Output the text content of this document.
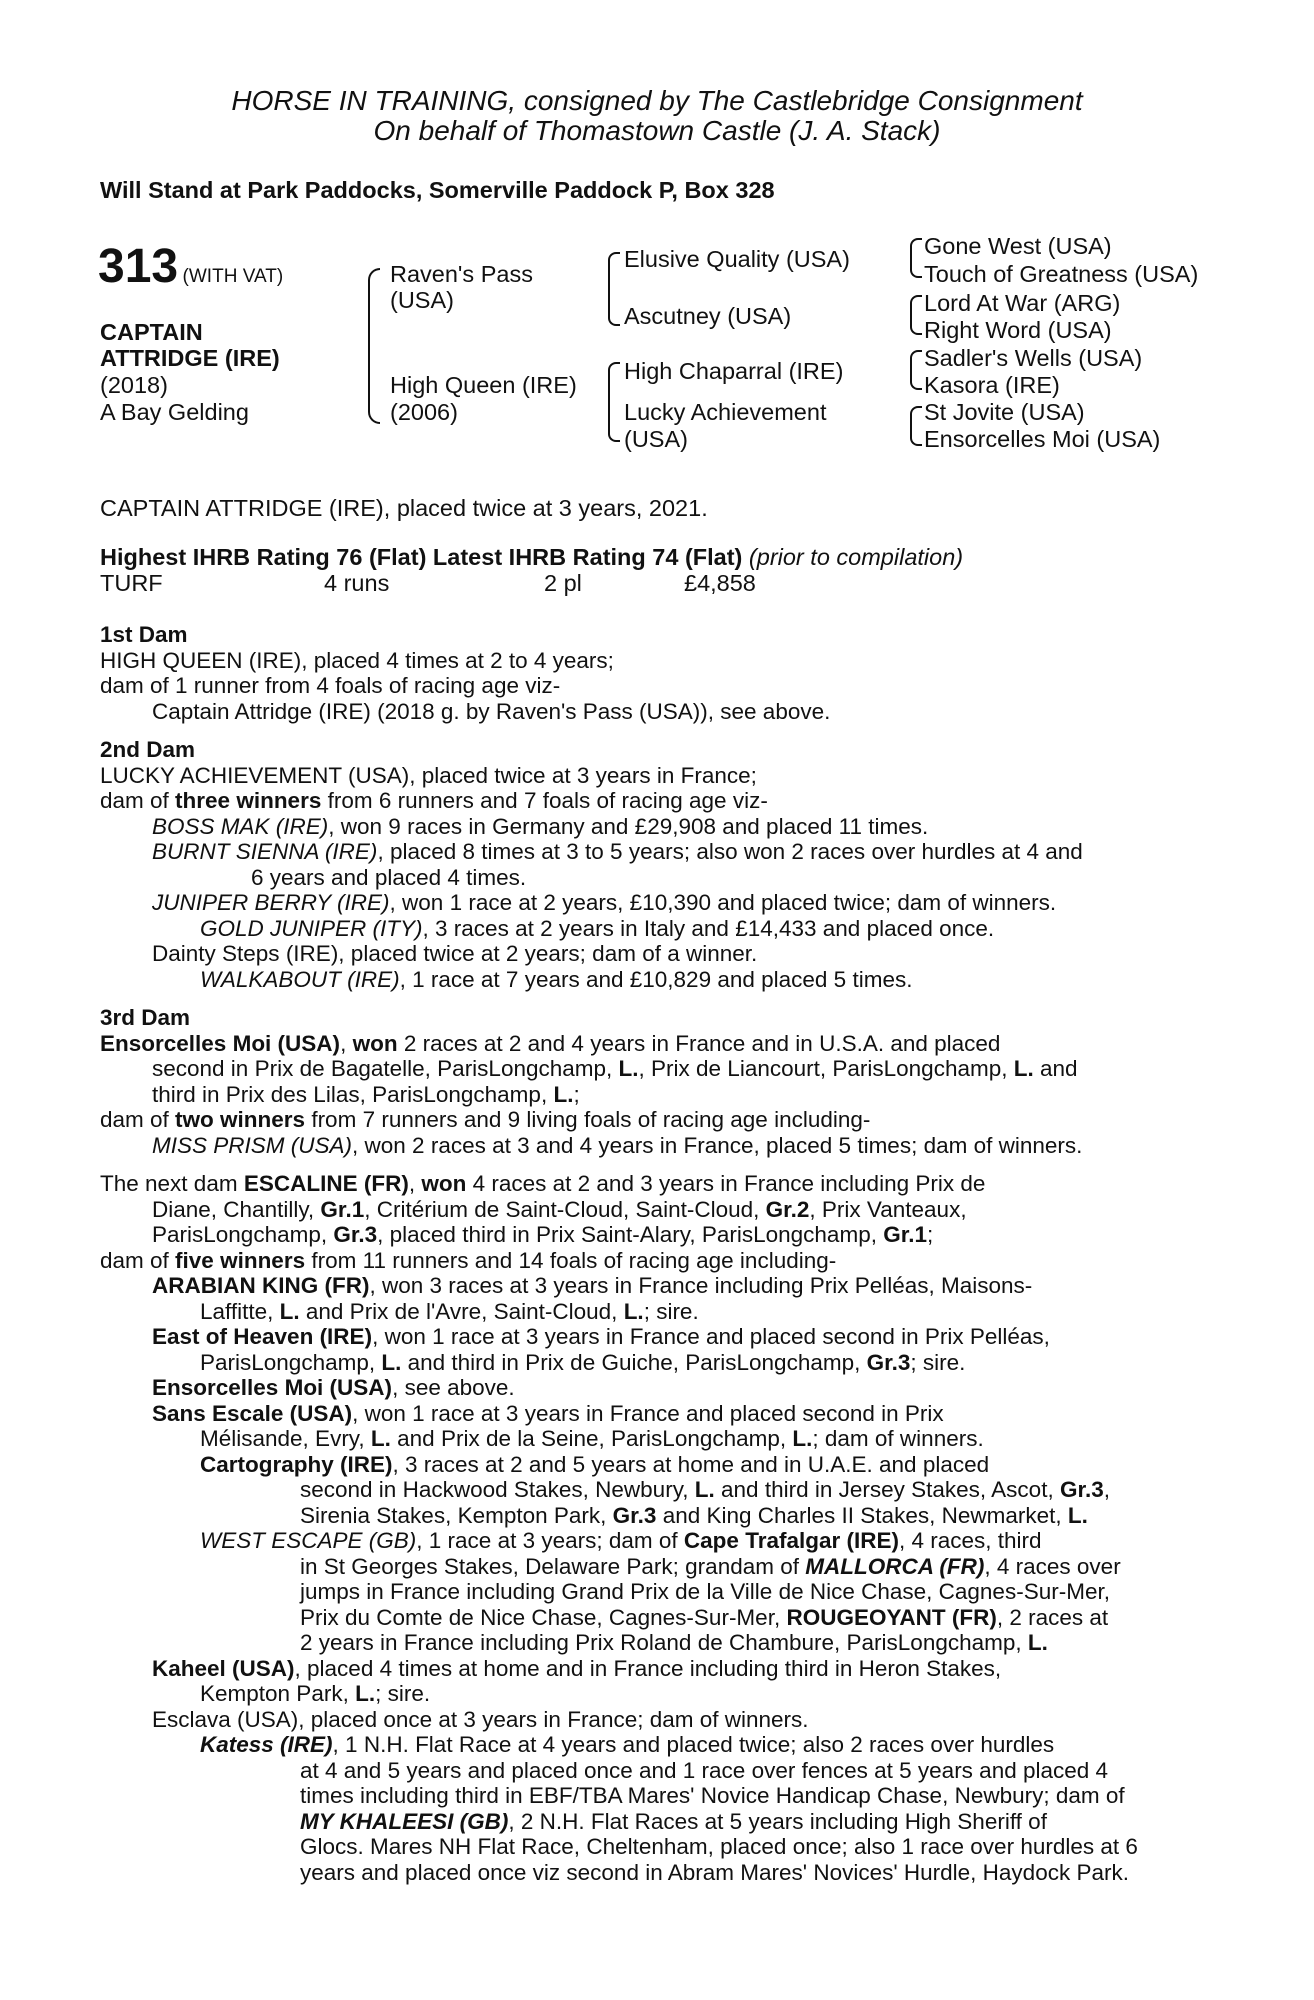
HORSE IN TRAINING, consigned by The Castlebridge Consignment
On behalf of Thomastown Castle (J. A. Stack)
Will Stand at Park Paddocks, Somerville Paddock P, Box 328
313 (WITH VAT)
CAPTAIN
ATTRIDGE (IRE)
(2018)
A Bay Gelding
Raven's Pass
(USA)
High Queen (IRE)
(2006)
Elusive Quality (USA)
Ascutney (USA)
High Chaparral (IRE)
Lucky Achievement
(USA)
Gone West (USA)
Touch of Greatness (USA)
Lord At War (ARG)
Right Word (USA)
Sadler's Wells (USA)
Kasora (IRE)
St Jovite (USA)
Ensorcelles Moi (USA)
CAPTAIN ATTRIDGE (IRE), placed twice at 3 years, 2021.
Highest IHRB Rating 76 (Flat) Latest IHRB Rating 74 (Flat) (prior to compilation)
TURF	4 runs	2 pl	£4,858
1st Dam
HIGH QUEEN (IRE), placed 4 times at 2 to 4 years;
dam of 1 runner from 4 foals of racing age viz-
Captain Attridge (IRE) (2018 g. by Raven's Pass (USA)), see above.
2nd Dam
LUCKY ACHIEVEMENT (USA), placed twice at 3 years in France;
dam of three winners from 6 runners and 7 foals of racing age viz-
BOSS MAK (IRE), won 9 races in Germany and £29,908 and placed 11 times.
BURNT SIENNA (IRE), placed 8 times at 3 to 5 years; also won 2 races over hurdles at 4 and
6 years and placed 4 times.
JUNIPER BERRY (IRE), won 1 race at 2 years, £10,390 and placed twice; dam of winners.
GOLD JUNIPER (ITY), 3 races at 2 years in Italy and £14,433 and placed once.
Dainty Steps (IRE), placed twice at 2 years; dam of a winner.
WALKABOUT (IRE), 1 race at 7 years and £10,829 and placed 5 times.
3rd Dam
Ensorcelles Moi (USA), won 2 races at 2 and 4 years in France and in U.S.A. and placed
second in Prix de Bagatelle, ParisLongchamp, L., Prix de Liancourt, ParisLongchamp, L. and
third in Prix des Lilas, ParisLongchamp, L.;
dam of two winners from 7 runners and 9 living foals of racing age including-
MISS PRISM (USA), won 2 races at 3 and 4 years in France, placed 5 times; dam of winners.
The next dam ESCALINE (FR), won 4 races at 2 and 3 years in France including Prix de
Diane, Chantilly, Gr.1, Critérium de Saint-Cloud, Saint-Cloud, Gr.2, Prix Vanteaux,
ParisLongchamp, Gr.3, placed third in Prix Saint-Alary, ParisLongchamp, Gr.1;
dam of five winners from 11 runners and 14 foals of racing age including-
ARABIAN KING (FR), won 3 races at 3 years in France including Prix Pelléas, Maisons-
Laffitte, L. and Prix de l'Avre, Saint-Cloud, L.; sire.
East of Heaven (IRE), won 1 race at 3 years in France and placed second in Prix Pelléas,
ParisLongchamp, L. and third in Prix de Guiche, ParisLongchamp, Gr.3; sire.
Ensorcelles Moi (USA), see above.
Sans Escale (USA), won 1 race at 3 years in France and placed second in Prix
Mélisande, Evry, L. and Prix de la Seine, ParisLongchamp, L.; dam of winners.
Cartography (IRE), 3 races at 2 and 5 years at home and in U.A.E. and placed
second in Hackwood Stakes, Newbury, L. and third in Jersey Stakes, Ascot, Gr.3,
Sirenia Stakes, Kempton Park, Gr.3 and King Charles II Stakes, Newmarket, L.
WEST ESCAPE (GB), 1 race at 3 years; dam of Cape Trafalgar (IRE), 4 races, third
in St Georges Stakes, Delaware Park; grandam of MALLORCA (FR), 4 races over
jumps in France including Grand Prix de la Ville de Nice Chase, Cagnes-Sur-Mer,
Prix du Comte de Nice Chase, Cagnes-Sur-Mer, ROUGEOYANT (FR), 2 races at
2 years in France including Prix Roland de Chambure, ParisLongchamp, L.
Kaheel (USA), placed 4 times at home and in France including third in Heron Stakes,
Kempton Park, L.; sire.
Esclava (USA), placed once at 3 years in France; dam of winners.
Katess (IRE), 1 N.H. Flat Race at 4 years and placed twice; also 2 races over hurdles
at 4 and 5 years and placed once and 1 race over fences at 5 years and placed 4
times including third in EBF/TBA Mares' Novice Handicap Chase, Newbury; dam of
MY KHALEESI (GB), 2 N.H. Flat Races at 5 years including High Sheriff of
Glocs. Mares NH Flat Race, Cheltenham, placed once; also 1 race over hurdles at 6
years and placed once viz second in Abram Mares' Novices' Hurdle, Haydock Park.
